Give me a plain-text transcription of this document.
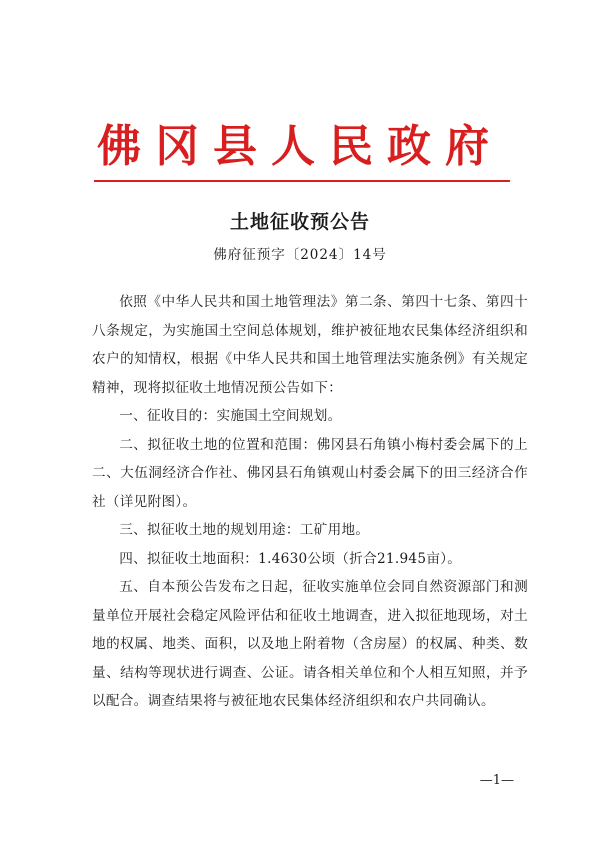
佛冈县人民政府
土地征收预公告
佛府征预字〔2024〕14号

依照《中华人民共和国土地管理法》第二条、第四十七条、第四十八条规定，为实施国土空间总体规划，维护被征地农民集体经济组织和农户的知情权，根据《中华人民共和国土地管理法实施条例》有关规定精神，现将拟征收土地情况预公告如下：

一、征收目的：实施国土空间规划。

二、拟征收土地的位置和范围：佛冈县石角镇小梅村委会属下的上二、大伍洞经济合作社、佛冈县石角镇观山村委会属下的田三经济合作社（详见附图）。

三、拟征收土地的规划用途：工矿用地。

四、拟征收土地面积：1.4630公顷（折合21.945亩）。

五、自本预公告发布之日起，征收实施单位会同自然资源部门和测量单位开展社会稳定风险评估和征收土地调查，进入拟征地现场，对土地的权属、地类、面积，以及地上附着物（含房屋）的权属、种类、数量、结构等现状进行调查、公证。请各相关单位和个人相互知照，并予以配合。调查结果将与被征地农民集体经济组织和农户共同确认。

—1—
